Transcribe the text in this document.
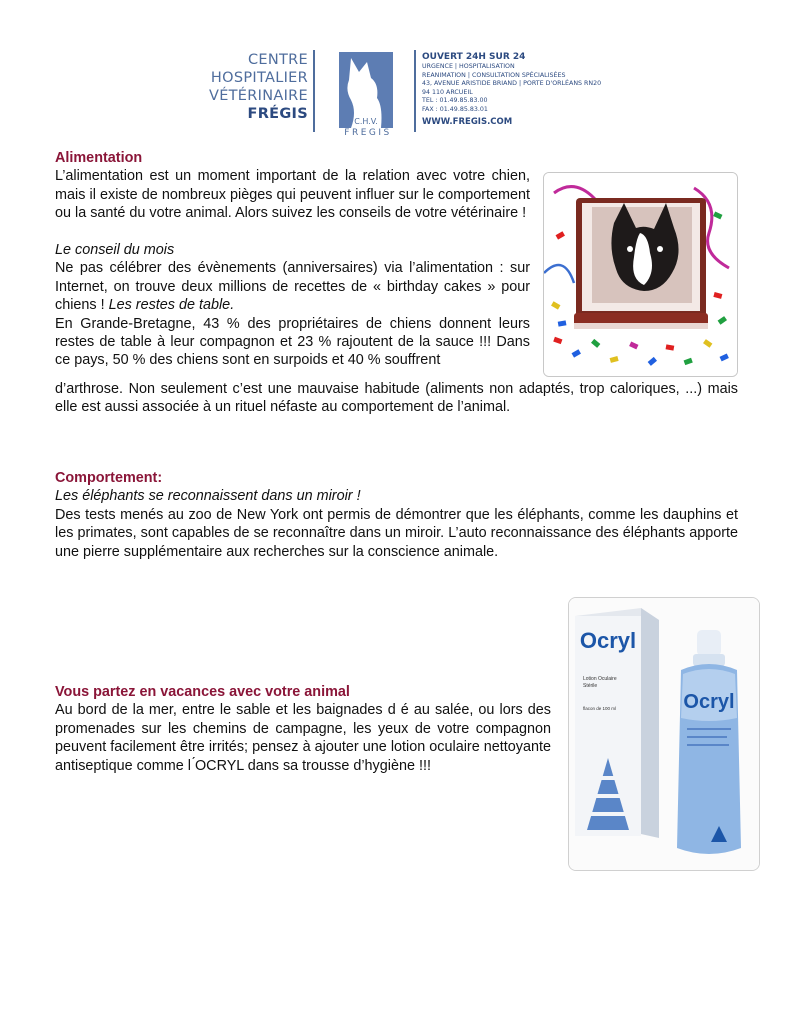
CENTRE
HOSPITALIER
VÉTÉRINAIRE
FRÉGIS	C.H.V.
FREGIS
OUVERT 24H SUR 24
URGENCE | HOSPITALISATION
REANIMATION | CONSULTATION SPÉCIALISÉES
43, AVENUE ARISTIDE BRIAND | PORTE D'ORLÉANS RN20
94 110 ARCUEIL
TEL : 01.49.85.83.00
FAX : 01.49.85.83.01
WWW.FREGIS.COM
Alimentation
L’alimentation est un moment important de la relation avec votre chien, mais il existe de nombreux pièges qui peuvent influer sur le comportement ou la santé du votre animal. Alors suivez les conseils de votre vétérinaire !
Le conseil du mois
Ne pas célébrer des évènements (anniversaires) via l’alimentation : sur Internet, on trouve deux millions de recettes de « birthday cakes » pour chiens ! Les restes de table.
En Grande-Bretagne, 43 % des propriétaires de chiens donnent leurs restes de table à leur compagnon et 23 % rajoutent de la sauce !!! Dans ce pays, 50 % des chiens sont en surpoids et 40 % souffrent
d’arthrose. Non seulement c’est une mauvaise habitude (aliments non adaptés, trop caloriques, ...) mais elle est aussi associée à un rituel néfaste au comportement de l’animal.
Comportement:
Les éléphants se reconnaissent dans un miroir !
Des tests menés au zoo de New York ont permis de démontrer que les éléphants, comme les dauphins et les primates, sont capables de se reconnaître dans un miroir. L’auto reconnaissance des éléphants apporte une pierre supplémentaire aux recherches sur la conscience animale.
Vous partez en vacances avec votre animal
Au bord de la mer, entre le sable et les baignades d é au salée, ou lors des promenades sur les chemins de campagne, les yeux de votre compagnon peuvent facilement être irrités; pensez à ajouter une lotion oculaire nettoyante antiseptique comme l ́OCRYL dans sa trousse d’hygiène !!!
Ocryl
Lotion Oculaire
Stérile
flacon de 100 ml	Ocryl
